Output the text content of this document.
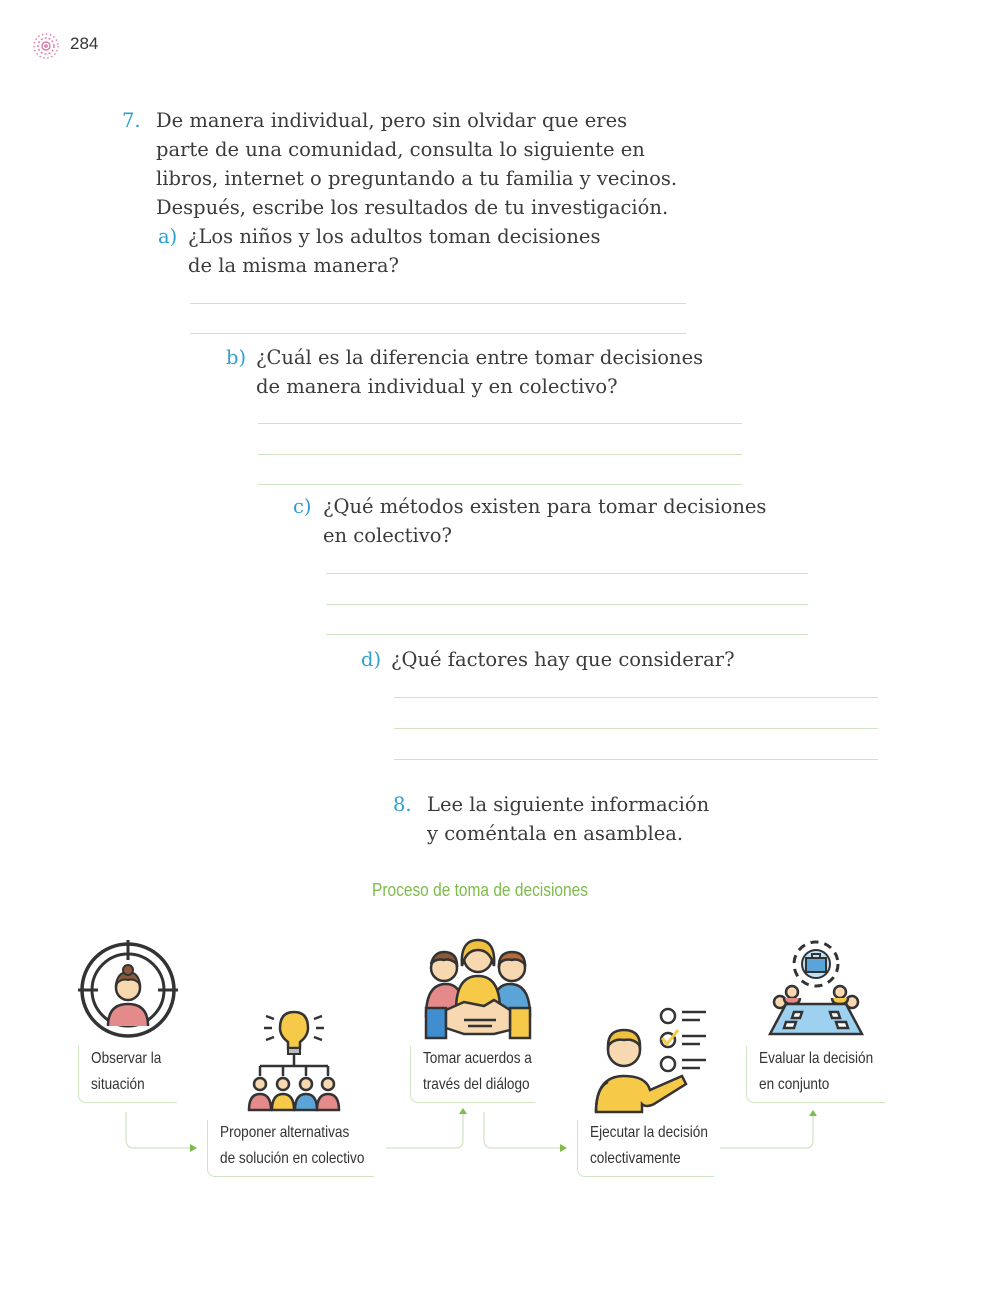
284
7. De manera individual, pero sin olvidar que eres
parte de una comunidad, consulta lo siguiente en
libros, internet o preguntando a tu familia y vecinos.
Después, escribe los resultados de tu investigación.
a) ¿Los niños y los adultos toman decisiones
de la misma manera?
b) ¿Cuál es la diferencia entre tomar decisiones
de manera individual y en colectivo?
c) ¿Qué métodos existen para tomar decisiones
en colectivo?
d) ¿Qué factores hay que considerar?
8. Lee la siguiente información
y coméntala en asamblea.
Proceso de toma de decisiones
Observar la
situación
Proponer alternativas
de solución en colectivo
Tomar acuerdos a
través del diálogo
Ejecutar la decisión
colectivamente
Evaluar la decisión
en conjunto
